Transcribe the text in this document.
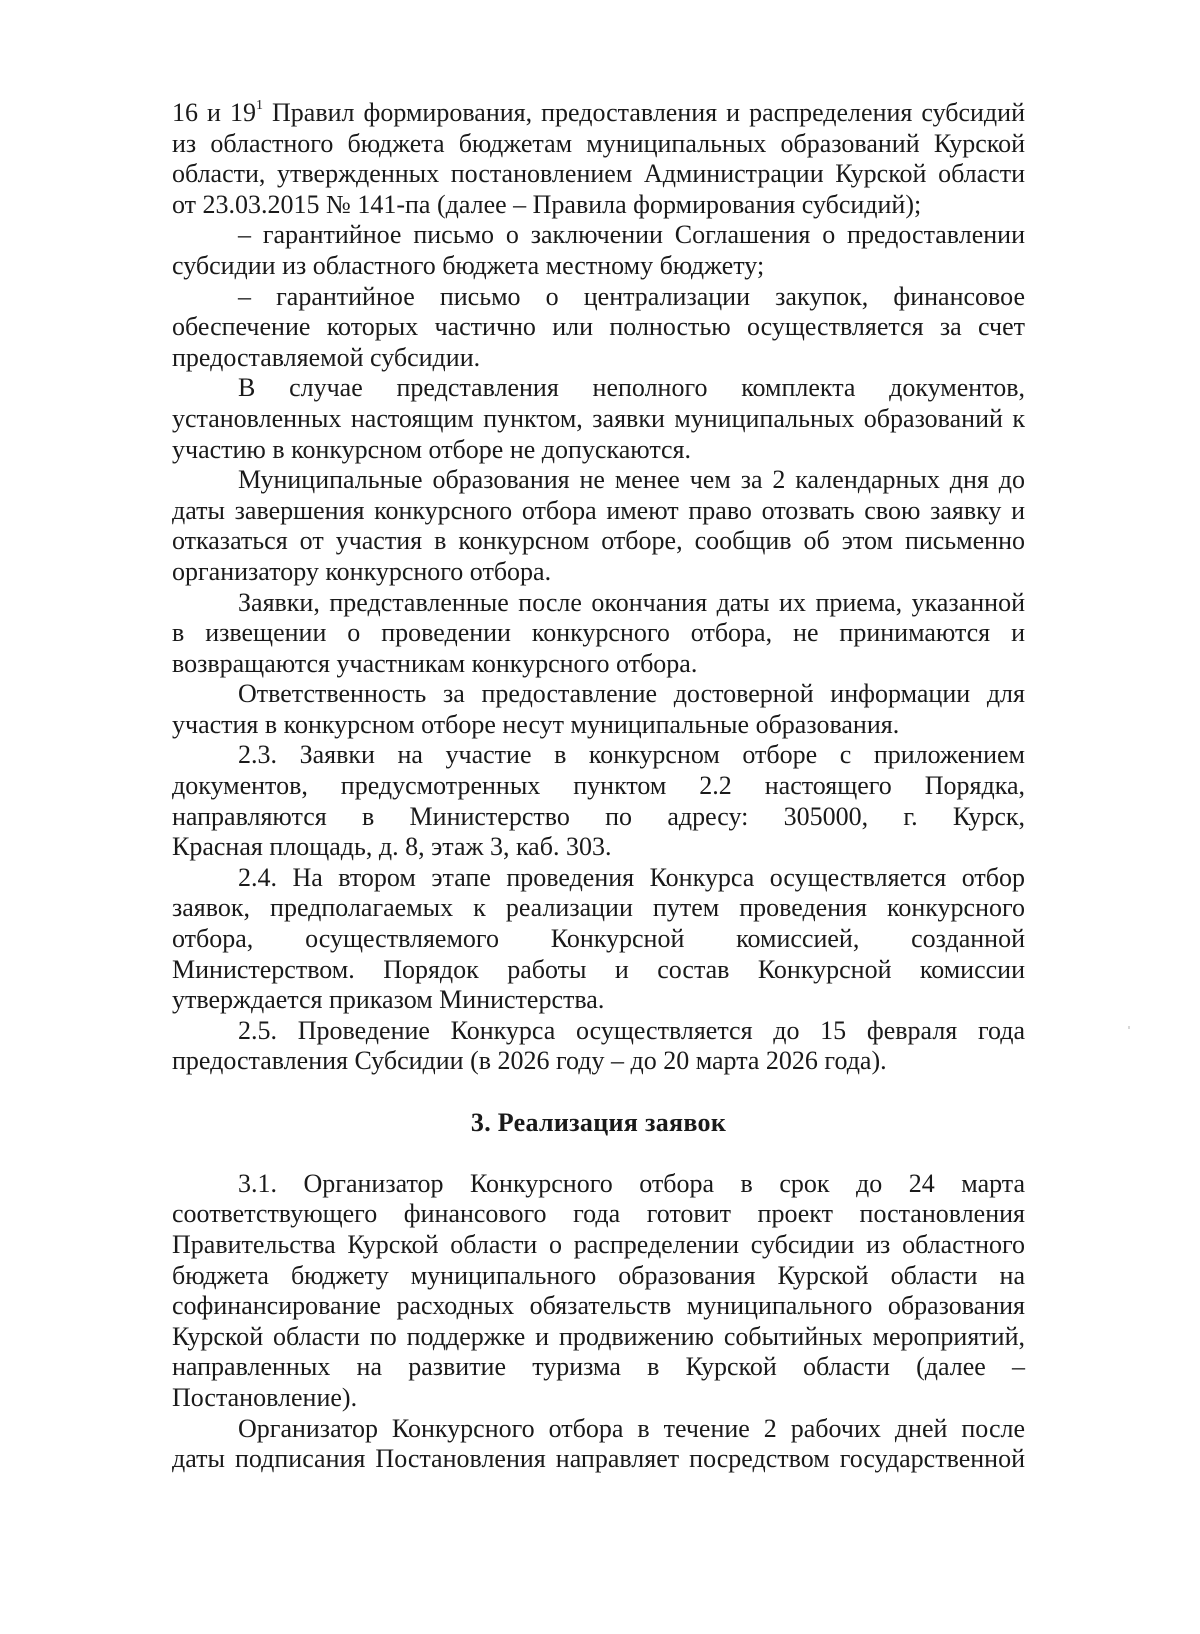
16 и $19^1$ Правил формирования, предоставления и распределения субсидий
из областного бюджета бюджетам муниципальных образований Курской
области, утвержденных постановлением Администрации Курской области
от 23.03.2015 № 141-па (далее – Правила формирования субсидий);
– гарантийное письмо о заключении Соглашения о предоставлении
субсидии из областного бюджета местному бюджету;
– гарантийное письмо о централизации закупок, финансовое
обеспечение которых частично или полностью осуществляется за счет
предоставляемой субсидии.
В случае представления неполного комплекта документов,
установленных настоящим пунктом, заявки муниципальных образований к
участию в конкурсном отборе не допускаются.
Муниципальные образования не менее чем за 2 календарных дня до
даты завершения конкурсного отбора имеют право отозвать свою заявку и
отказаться от участия в конкурсном отборе, сообщив об этом письменно
организатору конкурсного отбора.
Заявки, представленные после окончания даты их приема, указанной
в извещении о проведении конкурсного отбора, не принимаются и
возвращаются участникам конкурсного отбора.
Ответственность за предоставление достоверной информации для
участия в конкурсном отборе несут муниципальные образования.
2.3. Заявки на участие в конкурсном отборе с приложением
документов, предусмотренных пунктом 2.2 настоящего Порядка,
направляются в Министерство по адресу: 305000, г. Курск,
Красная площадь, д. 8, этаж 3, каб. 303.
2.4. На втором этапе проведения Конкурса осуществляется отбор
заявок, предполагаемых к реализации путем проведения конкурсного
отбора, осуществляемого Конкурсной комиссией, созданной
Министерством. Порядок работы и состав Конкурсной комиссии
утверждается приказом Министерства.
2.5. Проведение Конкурса осуществляется до 15 февраля года
предоставления Субсидии (в 2026 году – до 20 марта 2026 года).
3. Реализация заявок
3.1. Организатор Конкурсного отбора в срок до 24 марта
соответствующего финансового года готовит проект постановления
Правительства Курской области о распределении субсидии из областного
бюджета бюджету муниципального образования Курской области на
софинансирование расходных обязательств муниципального образования
Курской области по поддержке и продвижению событийных мероприятий,
направленных на развитие туризма в Курской области (далее –
Постановление).
Организатор Конкурсного отбора в течение 2 рабочих дней после
даты подписания Постановления направляет посредством государственной
